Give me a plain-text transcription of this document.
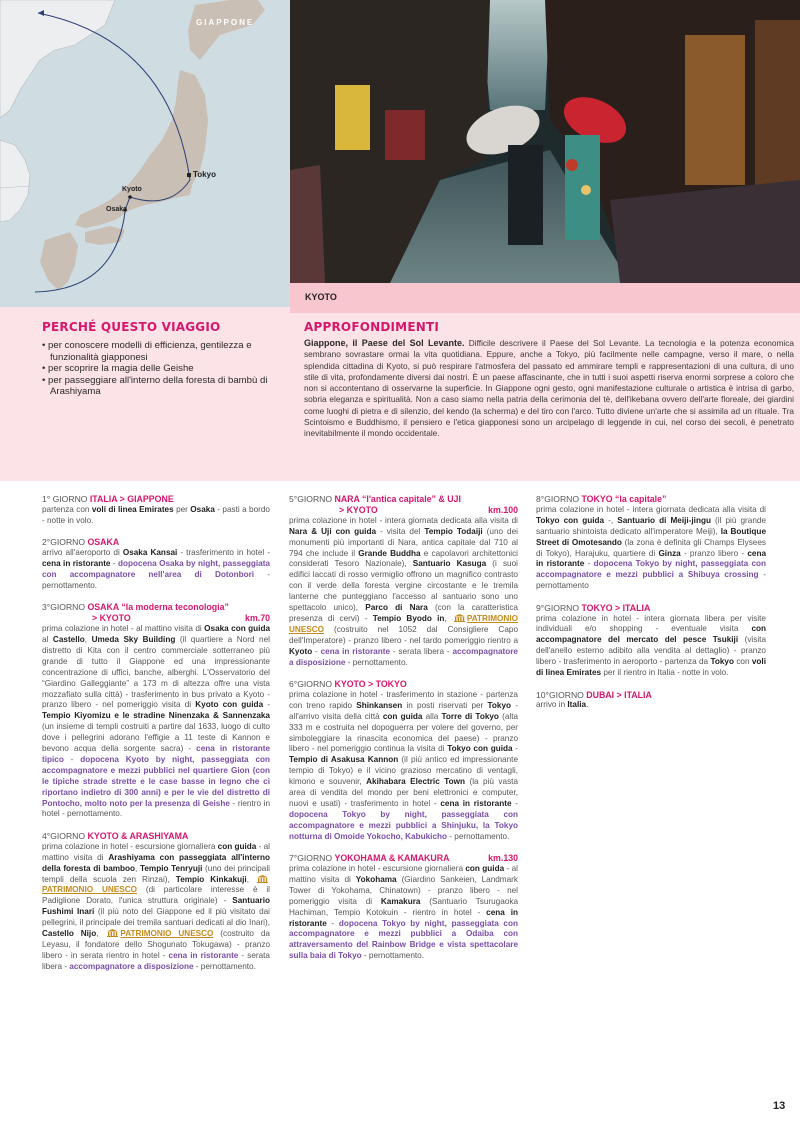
GIAPPONE
Tokyo
Kyoto
Osaka
KYOTO
PERCHÉ QUESTO VIAGGIO
• per conoscere modelli di efficienza, gentilezza e funzionalità giapponesi
• per scoprire la magia delle Geishe
• per passeggiare all'interno della foresta di bambù di Arashiyama
APPROFONDIMENTI

Giappone, il Paese del Sol Levante. Difficile descrivere il Paese del Sol Levante. La tecnologia e la potenza economica sembrano sovrastare ormai la vita quotidiana. Eppure, anche a Tokyo, più facilmente nelle campagne, verso il mare, o nella splendida cittadina di Kyoto, si può respirare l'atmosfera del passato ed ammirare templi e rappresentazioni di una cultura, di uno stile di vita, profondamente diversi dai nostri. È un paese affascinante, che in tutti i suoi aspetti riserva enormi sorprese a coloro che non si accontentano di osservarne la superficie. In Giappone ogni gesto, ogni manifestazione culturale o artistica è intrisa di garbo, sobria eleganza e spiritualità. Non a caso siamo nella patria della cerimonia del tè, dell'ikebana ovvero dell'arte floreale, dei giardini come luoghi di pietra e di silenzio, del kendo (la scherma) e del tiro con l'arco. Tutto diviene un'arte che si assimila ad un rituale. Tra Scintoismo e Buddhismo, il pensiero e l'etica giapponesi sono un arcipelago di leggende in cui, nel corso dei secoli, è penetrato inevitabilmente il mondo occidentale.

1° GIORNO ITALIA > GIAPPONE
partenza con voli di linea Emirates per Osaka - pasti a bordo - notte in volo.
2°GIORNO OSAKA
arrivo all'aeroporto di Osaka Kansai - trasferimento in hotel - cena in ristorante - dopocena Osaka by night, passeggiata con accompagnatore nell'area di Dotonbori - pernottamento.
3°GIORNO OSAKA “la moderna teconologia”
> KYOTO	km.70
prima colazione in hotel - al mattino visita di Osaka con guida al Castello, Umeda Sky Building (il quartiere a Nord nel distretto di Kita con il centro commerciale sotterraneo più grande di tutto il Giappone ed una impressionante concentrazione di uffici, banche, alberghi. L'Osservatorio del “Giardino Galleggiante” a 173 m di altezza offre una vista mozzafiato sulla città) - trasferimento in bus privato a Kyoto - pranzo libero - nel pomeriggio visita di Kyoto con guida - Tempio Kiyomizu e le stradine Ninenzaka & Sannenzaka (un insieme di templi costruiti a partire dal 1633, luogo di culto dove i pellegrini adorano l'effigie a 11 teste di Kannon e bevono acqua della sorgente sacra) - cena in ristorante tipico - dopocena Kyoto by night, passeggiata con accompagnatore e mezzi pubblici nel quartiere Gion (con le tipiche strade strette e le case basse in legno che ci riportano indietro di 300 anni) e per le vie del distretto di Pontocho, molto noto per la presenza di Geishe - rientro in hotel - pernottamento.
4°GIORNO KYOTO & ARASHIYAMA
prima colazione in hotel - escursione giornaliera con guida - al mattino visita di Arashiyama con passeggiata all'interno della foresta di bamboo, Tempio Tenryuji (uno dei principali templi della scuola zen Rinzai), Tempio Kinkakuji, PATRIMONIO UNESCO (di particolare interesse è il Padiglione Dorato, l'unica struttura originale) - Santuario Fushimi Inari (il più noto del Giappone ed il più visitato dai pellegrini, il principale dei tremila santuari dedicati al dio Inari), Castello Nijo, PATRIMONIO UNESCO (costruito da Leyasu, il fondatore dello Shogunato Tokugawa) - pranzo libero - in serata rientro in hotel - cena in ristorante - serata libera - accompagnatore a disposizione - pernottamento.
5°GIORNO NARA “l'antica capitale” & UJI
> KYOTO	km.100
prima colazione in hotel - intera giornata dedicata alla visita di Nara & Uji con guida - visita del Tempio Todaiji (uno dei monumenti più importanti di Nara, antica capitale dal 710 al 794 che include il Grande Buddha e capolavori architettonici considerati Tesoro Nazionale), Santuario Kasuga (i suoi edifici laccati di rosso vermiglio offrono un magnifico contrasto con il verde della foresta vergine circostante e le tremila lanterne che punteggiano l'accesso al santuario sono uno spettacolo unico), Parco di Nara (con la caratteristica presenza di cervi) - Tempio Byodo in, PATRIMONIO UNESCO (costruito nel 1052 dal Consigliere Capo dell'Imperatore) - pranzo libero - nel tardo pomeriggio rientro a Kyoto - cena in ristorante - serata libera - accompagnatore a disposizione - pernottamento.
6°GIORNO KYOTO > TOKYO
prima colazione in hotel - trasferimento in stazione - partenza con treno rapido Shinkansen in posti riservati per Tokyo - all'arrivo visita della città con guida alla Torre di Tokyo (alta 333 m e costruita nel dopoguerra per volere del governo, per simboleggiare la rinascita economica del paese) - pranzo libero - nel pomeriggio continua la visita di Tokyo con guida - Tempio di Asakusa Kannon (il più antico ed impressionante tempio di Tokyo) e il vicino grazioso mercatino di ventagli, kimono e souvenir, Akihabara Electric Town (la più vasta area di vendita del mondo per beni elettronici e computer, nuovi e usati) - trasferimento in hotel - cena in ristorante - dopocena Tokyo by night, passeggiata con accompagnatore e mezzi pubblici a Shinjuku, la Tokyo notturna di Omoide Yokocho, Kabukicho - pernottamento.
7°GIORNO YOKOHAMA & KAMAKURA	km.130
prima colazione in hotel - escursione giornaliera con guida - al mattino visita di Yokohama (Giardino Sankeien, Landmark Tower di Yokohama, Chinatown) - pranzo libero - nel pomeriggio visita di Kamakura (Santuario Tsurugaoka Hachiman, Tempio Kotokuin - rientro in hotel - cena in ristorante - dopocena Tokyo by night, passeggiata con accompagnatore e mezzi pubblici a Odaiba con attraversamento del Rainbow Bridge e vista spettacolare sulla baia di Tokyo - pernottamento.
8°GIORNO TOKYO “la capitale”
prima colazione in hotel - intera giornata dedicata alla visita di Tokyo con guida -, Santuario di Meiji-jingu (il più grande santuario shintoista dedicato all'imperatore Meiji), la Boutique Street di Omotesando (la zona è definita gli Champs Elysees di Tokyo), Harajuku, quartiere di Ginza - pranzo libero - cena in ristorante - dopocena Tokyo by night, passeggiata con accompagnatore e mezzi pubblici a Shibuya crossing - pernottamento
9°GIORNO TOKYO > ITALIA
prima colazione in hotel - intera giornata libera per visite individuali e/o shopping - eventuale visita con accompagnatore del mercato del pesce Tsukiji (visita dell'anello esterno adibito alla vendita al dettaglio) - pranzo libero - trasferimento in aeroporto - partenza da Tokyo con voli di linea Emirates per il rientro in Italia - notte in volo.
10°GIORNO DUBAI > ITALIA
arrivo in Italia.
13
